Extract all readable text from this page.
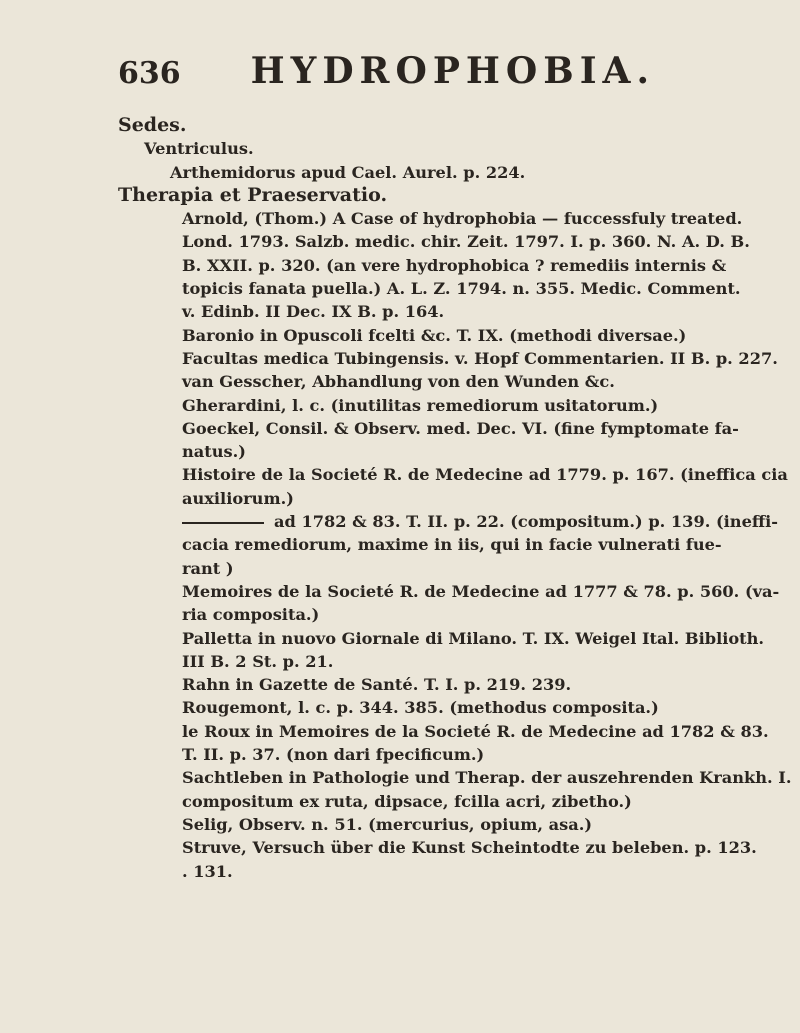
636 HYDROPHOBIA.

Sedes.

Ventriculus.
Arthemidorus apud Cael. Aurel. p. 224.

Therapia et Praeservatio.

Arnold, (Thom.) A Case of hydrophobia — fuccessfuly treated.
Lond. 1793. Salzb. medic. chir. Zeit. 1797. I. p. 360. N. A. D. B.
B. XXII. p. 320. (an vere hydrophobica ? remediis internis &
topicis fanata puella.) A. L. Z. 1794. n. 355. Medic. Comment.
v. Edinb. II Dec. IX B. p. 164.

Baronio in Opuscoli fcelti &c. T. IX. (methodi diversae.)

Facultas medica Tubingensis. v. Hopf Commentarien. II B. p. 227.
van Gesscher, Abhandlung von den Wunden &c.

Gherardini, l. c. (inutilitas remediorum usitatorum.)

Goeckel, Consil. & Observ. med. Dec. VI. (fine fymptomate fa-
natus.)

Histoire de la Societé R. de Medecine ad 1779. p. 167. (ineffica cia
auxiliorum.)

ad 1782 & 83. T. II. p. 22. (compositum.) p. 139. (ineffi-
cacia remediorum, maxime in iis, qui in facie vulnerati fue-
rant )

Memoires de la Societé R. de Medecine ad 1777 & 78. p. 560. (va-
ria composita.)

Palletta in nuovo Giornale di Milano. T. IX. Weigel Ital. Biblioth.
III B. 2 St. p. 21.

Rahn in Gazette de Santé. T. I. p. 219. 239.

Rougemont, l. c. p. 344. 385. (methodus composita.)

le Roux in Memoires de la Societé R. de Medecine ad 1782 & 83.
T. II. p. 37. (non dari fpecificum.)

Sachtleben in Pathologie und Therap. der auszehrenden Krankh. I.
compositum ex ruta, dipsace, fcilla acri, zibetho.)

Selig, Observ. n. 51. (mercurius, opium, asa.)

Struve, Versuch über die Kunst Scheintodte zu beleben. p. 123.
. 131.
